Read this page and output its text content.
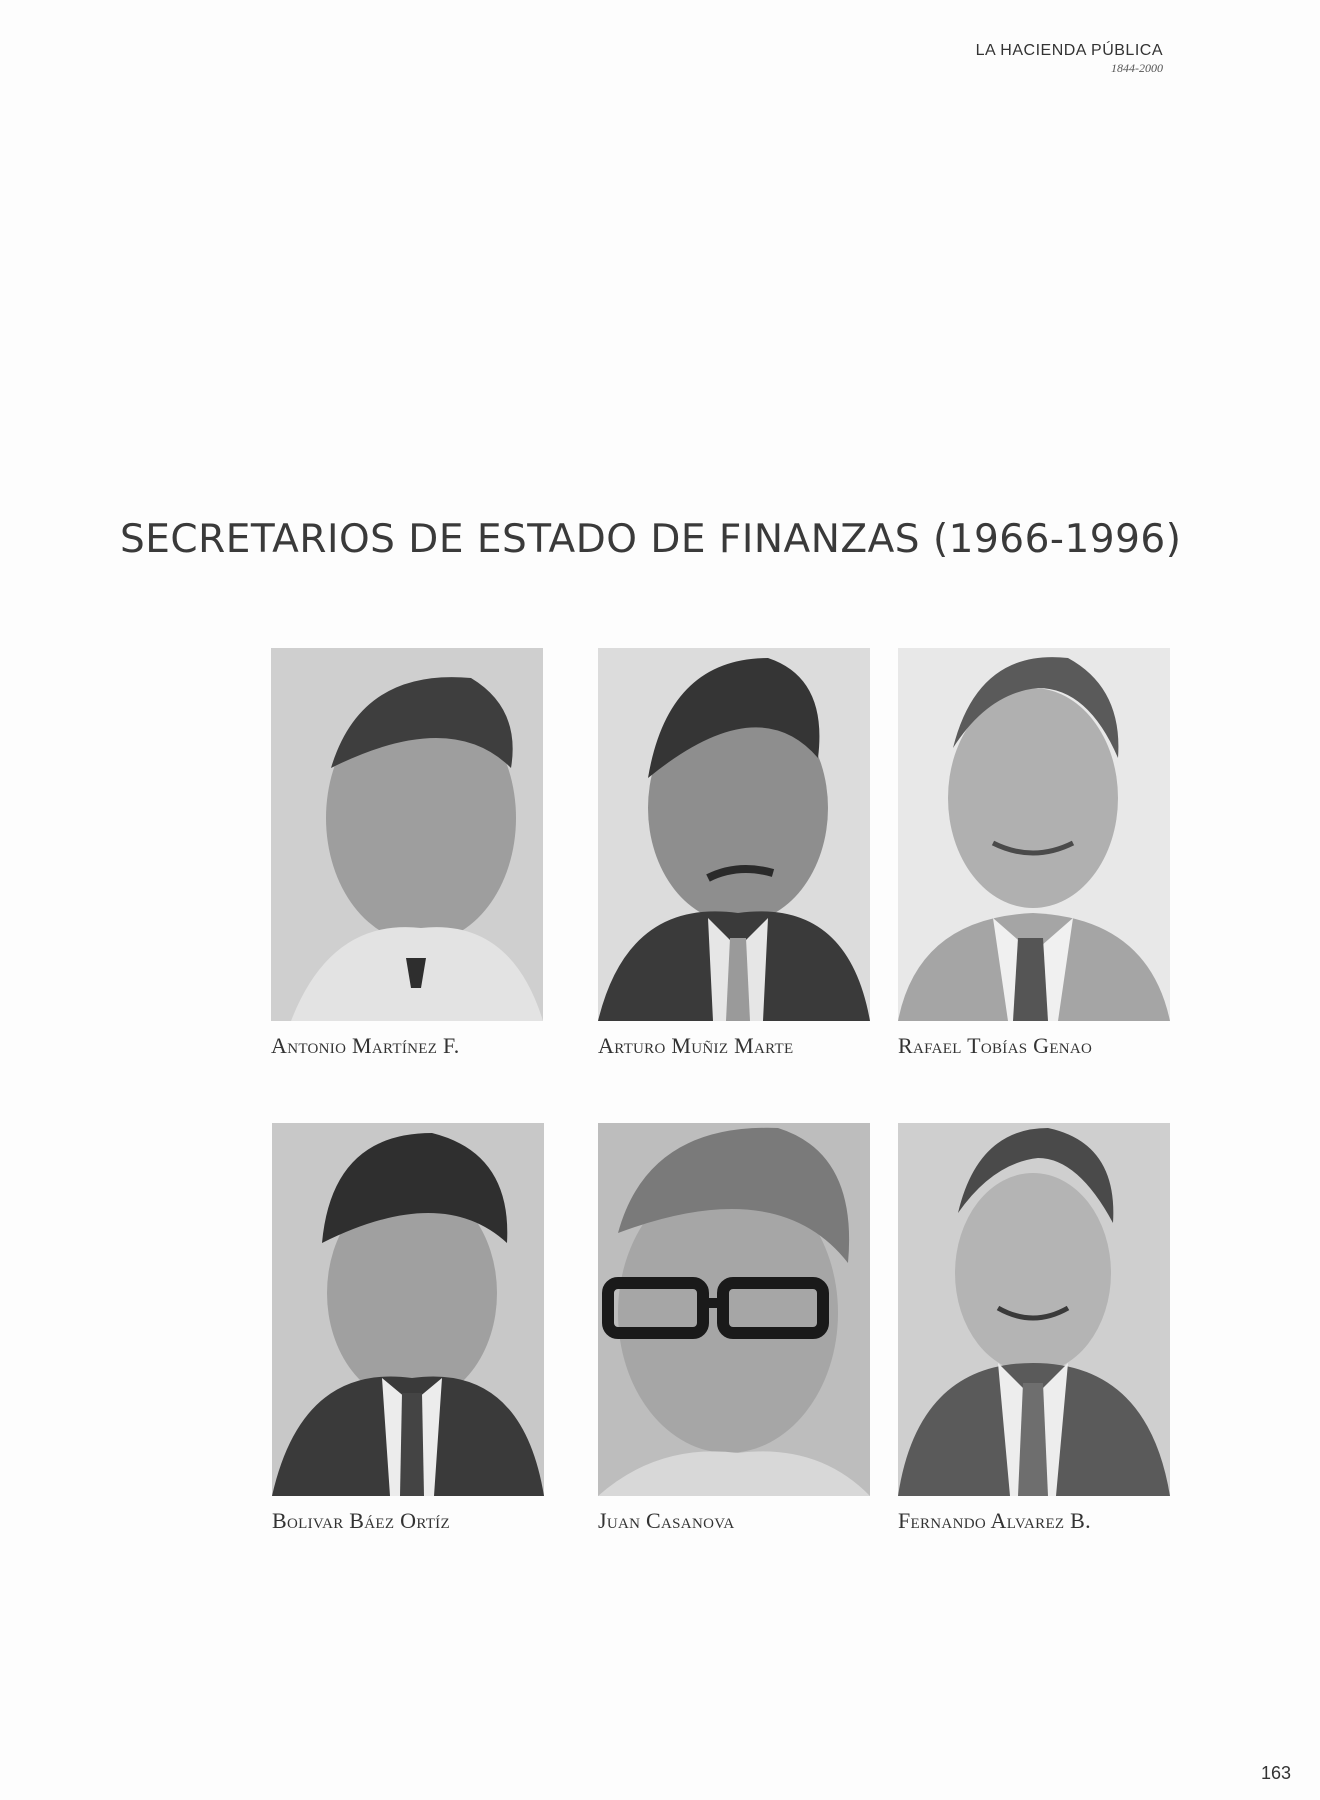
LA HACIENDA PÚBLICA
1844-2000
SECRETARIOS DE ESTADO DE FINANZAS (1966-1996)
Antonio Martínez F.	Arturo Muñiz Marte	Rafael Tobías Genao
Bolivar Báez Ortíz	Juan Casanova	Fernando Alvarez B.
163
